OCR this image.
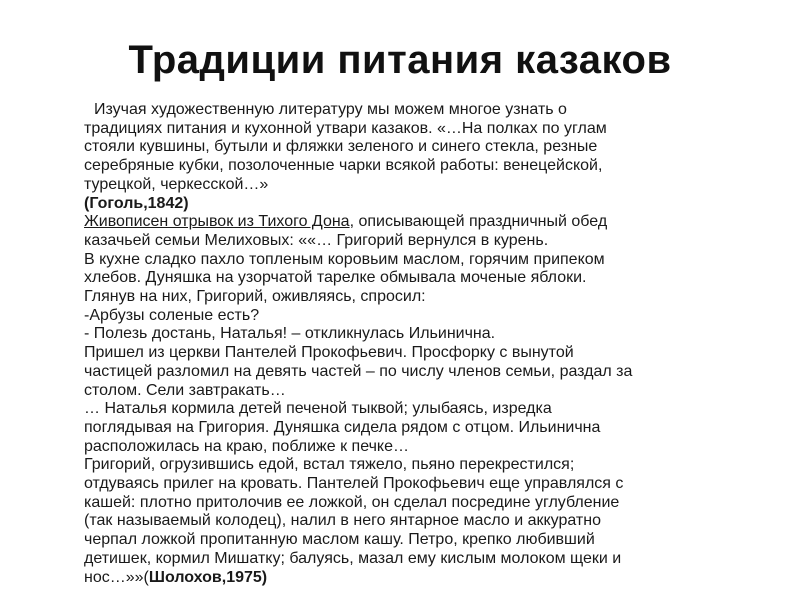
Традиции питания казаков
Изучая художественную литературу мы можем многое узнать о
традициях питания и кухонной утвари казаков. «…На полках по углам
стояли кувшины, бутыли и фляжки зеленого и синего стекла, резные
серебряные кубки, позолоченные чарки всякой работы: венецейской,
турецкой, черкесской…»
(Гоголь,1842)
Живописен отрывок из Тихого Дона, описывающей праздничный обед
казачьей семьи Мелиховых: ««… Григорий вернулся в курень.
В кухне сладко пахло топленым коровьим маслом, горячим припеком
хлебов. Дуняшка на узорчатой тарелке обмывала моченые яблоки.
Глянув на них, Григорий, оживляясь, спросил:
-Арбузы соленые есть?
- Полезь достань, Наталья! – откликнулась Ильинична.
Пришел из церкви Пантелей Прокофьевич. Просфорку с вынутой
частицей разломил на девять частей – по числу членов семьи, раздал за
столом. Сели завтракать…
… Наталья кормила детей печеной тыквой; улыбаясь, изредка
поглядывая на Григория. Дуняшка сидела рядом с отцом. Ильинична
расположилась на краю, поближе к печке…
Григорий, огрузившись едой, встал тяжело, пьяно перекрестился;
отдуваясь прилег на кровать. Пантелей Прокофьевич еще управлялся с
кашей: плотно притолочив ее ложкой, он сделал посредине углубление
(так называемый колодец), налил в него янтарное масло и аккуратно
черпал ложкой пропитанную маслом кашу. Петро, крепко любивший
детишек, кормил Мишатку; балуясь, мазал ему кислым молоком щеки и
нос…»»(Шолохов,1975)
